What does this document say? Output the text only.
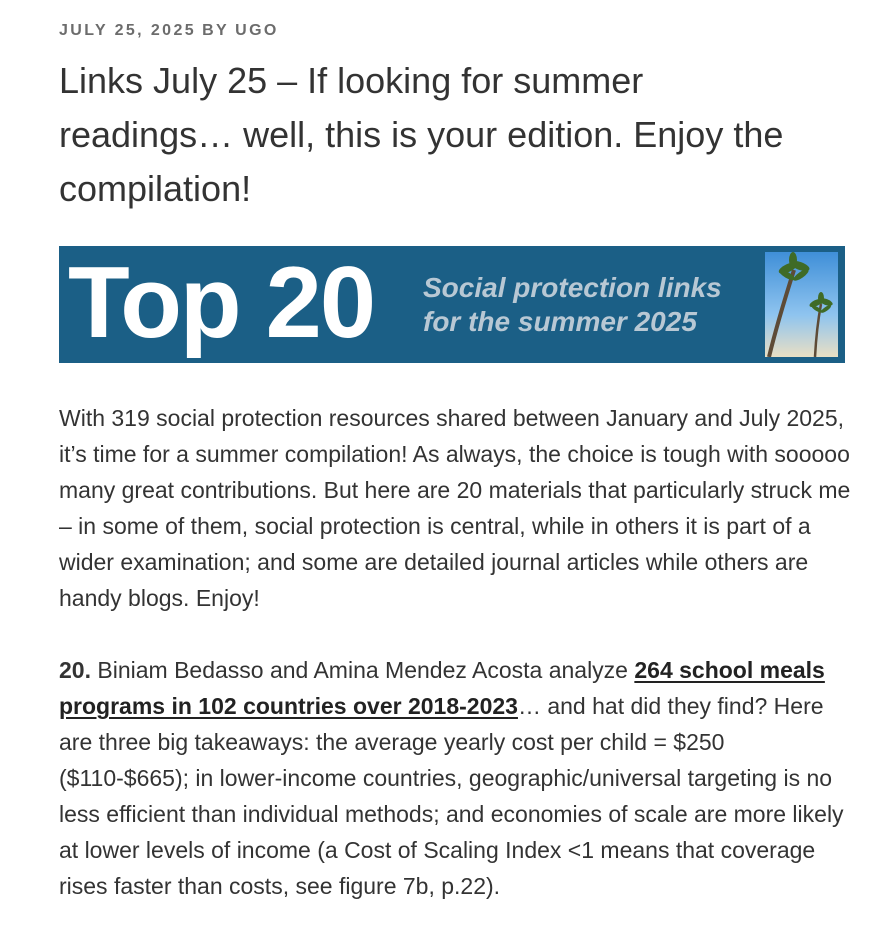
JULY 25, 2025 BY UGO
Links July 25 – If looking for summer readings… well, this is your edition. Enjoy the compilation!
Top 20 Social protection links
for the summer 2025

With 319 social protection resources shared between January and July 2025, it’s time for a summer compilation! As always, the choice is tough with sooooo many great contributions. But here are 20 materials that particularly struck me – in some of them, social protection is central, while in others it is part of a wider examination; and some are detailed journal articles while others are handy blogs. Enjoy!

20. Biniam Bedasso and Amina Mendez Acosta analyze 264 school meals programs in 102 countries over 2018-2023… and hat did they find? Here are three big takeaways: the average yearly cost per child = $250 ($110-$665); in lower-income countries, geographic/universal targeting is no less efficient than individual methods; and economies of scale are more likely at lower levels of income (a Cost of Scaling Index <1 means that coverage rises faster than costs, see figure 7b, p.22).
